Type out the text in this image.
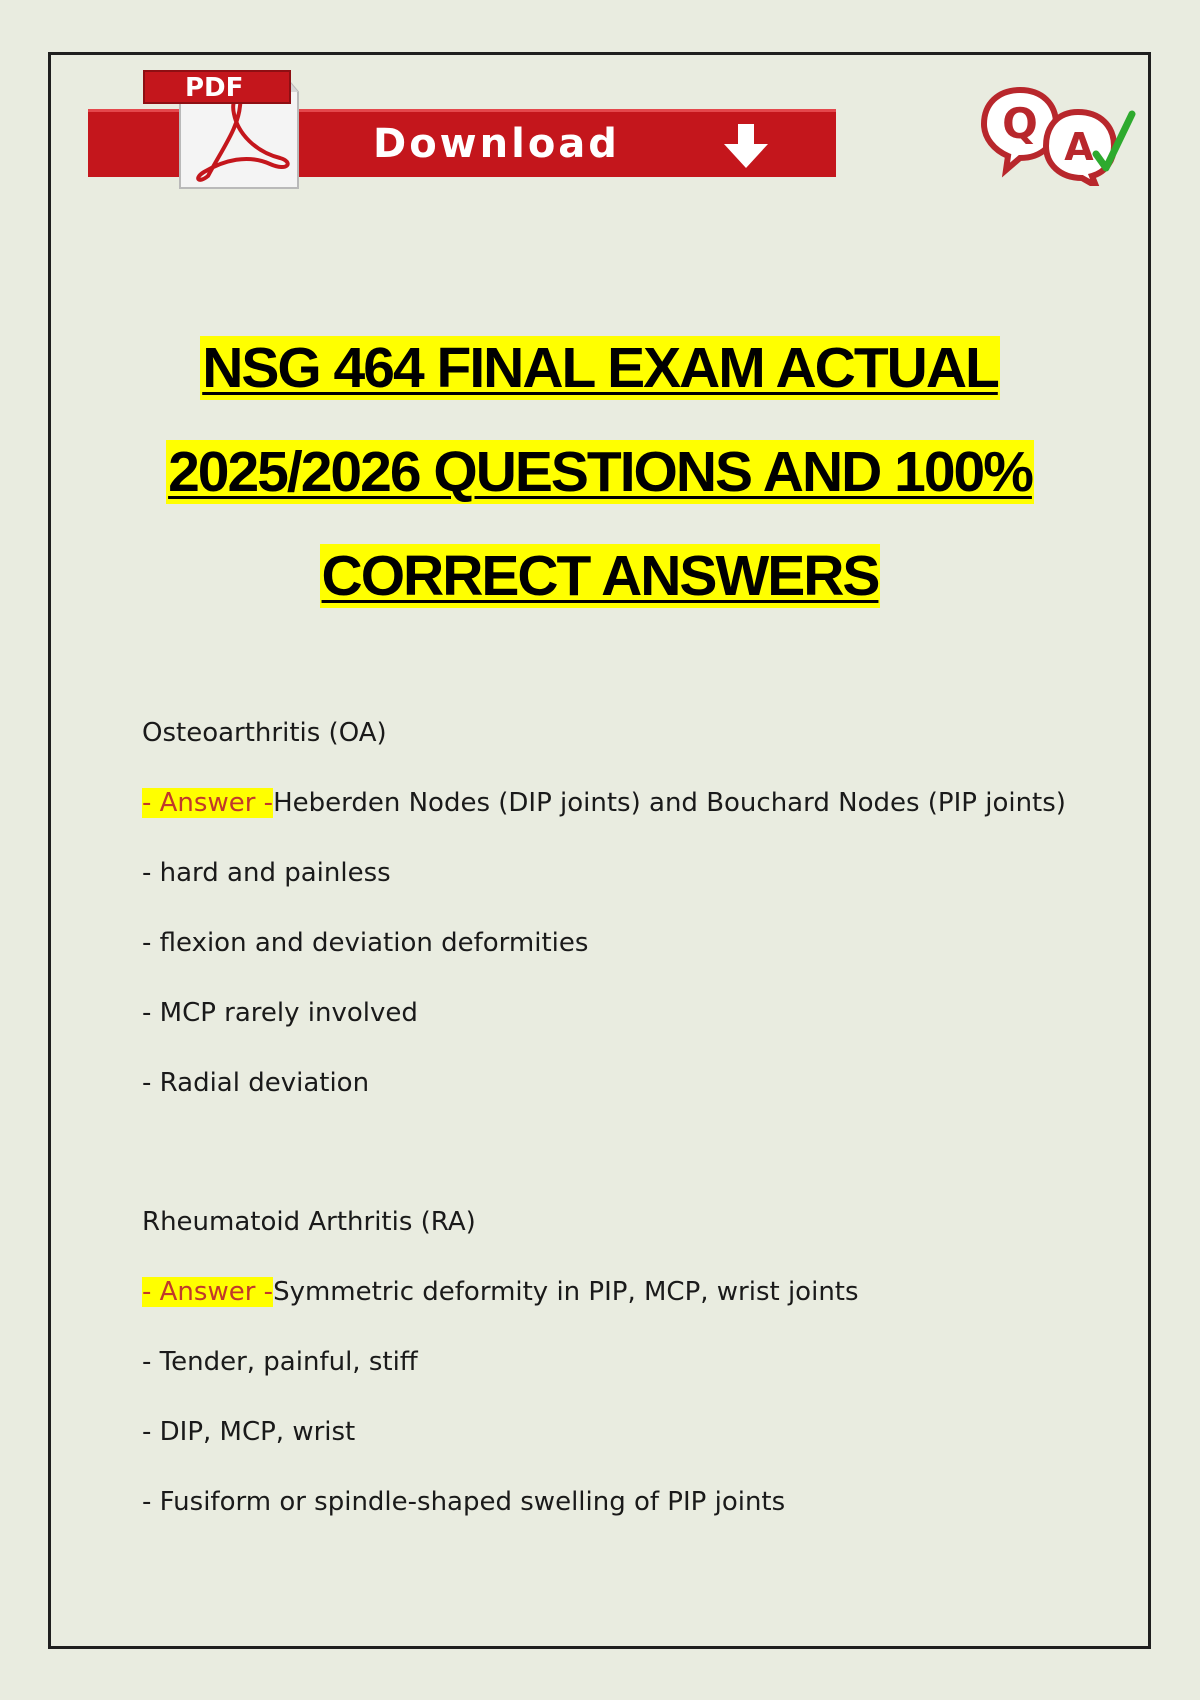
Download
PDF
Q A
NSG 464 FINAL EXAM ACTUAL
2025/2026 QUESTIONS AND 100%
CORRECT ANSWERS
Osteoarthritis (OA)
- Answer -Heberden Nodes (DIP joints) and Bouchard Nodes (PIP joints)
- hard and painless
- flexion and deviation deformities
- MCP rarely involved
- Radial deviation
Rheumatoid Arthritis (RA)
- Answer -Symmetric deformity in PIP, MCP, wrist joints
- Tender, painful, stiff
- DIP, MCP, wrist
- Fusiform or spindle-shaped swelling of PIP joints
